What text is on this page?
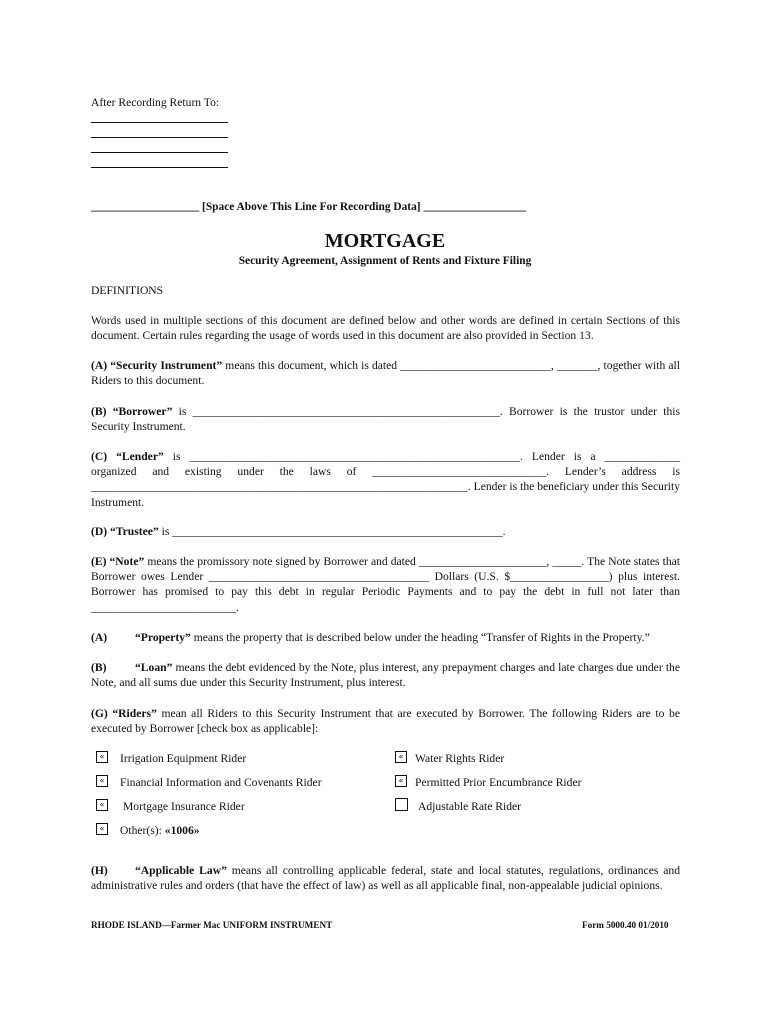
After Recording Return To:
___________________ [Space Above This Line For Recording Data] __________________
MORTGAGE
Security Agreement, Assignment of Rents and Fixture Filing
DEFINITIONS
Words used in multiple sections of this document are defined below and other words are defined in certain Sections of this document. Certain rules regarding the usage of words used in this document are also provided in Section 13.
(A) “Security Instrument” means this document, which is dated __________________________, _______, together with all Riders to this document.
(B) “Borrower” is _____________________________________________________. Borrower is the trustor under this Security Instrument.
(C) “Lender” is _________________________________________________________. Lender is a _____________ organized and existing under the laws of ______________________________. Lender’s address is _________________________________________________________________. Lender is the beneficiary under this Security Instrument.
(D) “Trustee” is _________________________________________________________.
(E) “Note” means the promissory note signed by Borrower and dated ______________________, _____. The Note states that Borrower owes Lender ______________________________________ Dollars (U.S. $_________________) plus interest. Borrower has promised to pay this debt in regular Periodic Payments and to pay the debt in full not later than _________________________.
(A) “Property” means the property that is described below under the heading “Transfer of Rights in the Property.”
(B) “Loan” means the debt evidenced by the Note, plus interest, any prepayment charges and late charges due under the Note, and all sums due under this Security Instrument, plus interest.
(G) “Riders” mean all Riders to this Security Instrument that are executed by Borrower. The following Riders are to be executed by Borrower [check box as applicable]:
«	Irrigation Equipment Rider	« Water Rights Rider
«	Financial Information and Covenants Rider	« Permitted Prior Encumbrance Rider
«	Mortgage Insurance Rider	Adjustable Rate Rider
«	Other(s): «1006»
(H) “Applicable Law” means all controlling applicable federal, state and local statutes, regulations, ordinances and administrative rules and orders (that have the effect of law) as well as all applicable final, non-appealable judicial opinions.
RHODE ISLAND—Farmer Mac UNIFORM INSTRUMENT	Form 5000.40 01/2010
